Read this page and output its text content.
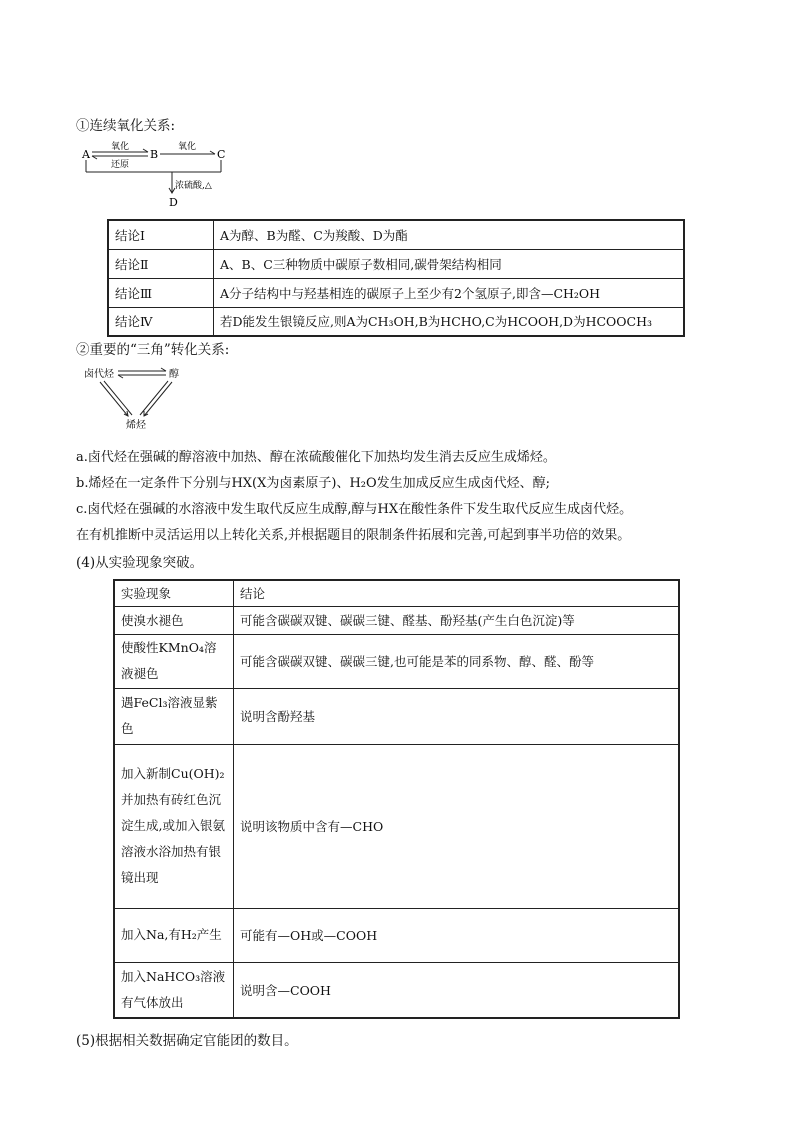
①连续氧化关系:
A	B	C
氧化
还原
氧化
浓硫酸,△
D
结论Ⅰ	A为醇、B为醛、C为羧酸、D为酯
结论Ⅱ	A、B、C三种物质中碳原子数相同,碳骨架结构相同
结论Ⅲ	A分子结构中与羟基相连的碳原子上至少有2个氢原子,即含—CH₂OH
结论Ⅳ	若D能发生银镜反应,则A为CH₃OH,B为HCHO,C为HCOOH,D为HCOOCH₃
②重要的“三角”转化关系:
卤代烃	醇
烯烃
a.卤代烃在强碱的醇溶液中加热、醇在浓硫酸催化下加热均发生消去反应生成烯烃。
b.烯烃在一定条件下分别与HX(X为卤素原子)、H₂O发生加成反应生成卤代烃、醇;
c.卤代烃在强碱的水溶液中发生取代反应生成醇,醇与HX在酸性条件下发生取代反应生成卤代烃。
在有机推断中灵活运用以上转化关系,并根据题目的限制条件拓展和完善,可起到事半功倍的效果。
(4)从实验现象突破。
实验现象	结论
使溴水褪色	可能含碳碳双键、碳碳三键、醛基、酚羟基(产生白色沉淀)等
使酸性KMnO₄溶液褪色	可能含碳碳双键、碳碳三键,也可能是苯的同系物、醇、醛、酚等
遇FeCl₃溶液显紫色	说明含酚羟基
加入新制Cu(OH)₂并加热有砖红色沉淀生成,或加入银氨溶液水浴加热有银镜出现	说明该物质中含有—CHO
加入Na,有H₂产生	可能有—OH或—COOH
加入NaHCO₃溶液有气体放出	说明含—COOH
(5)根据相关数据确定官能团的数目。
